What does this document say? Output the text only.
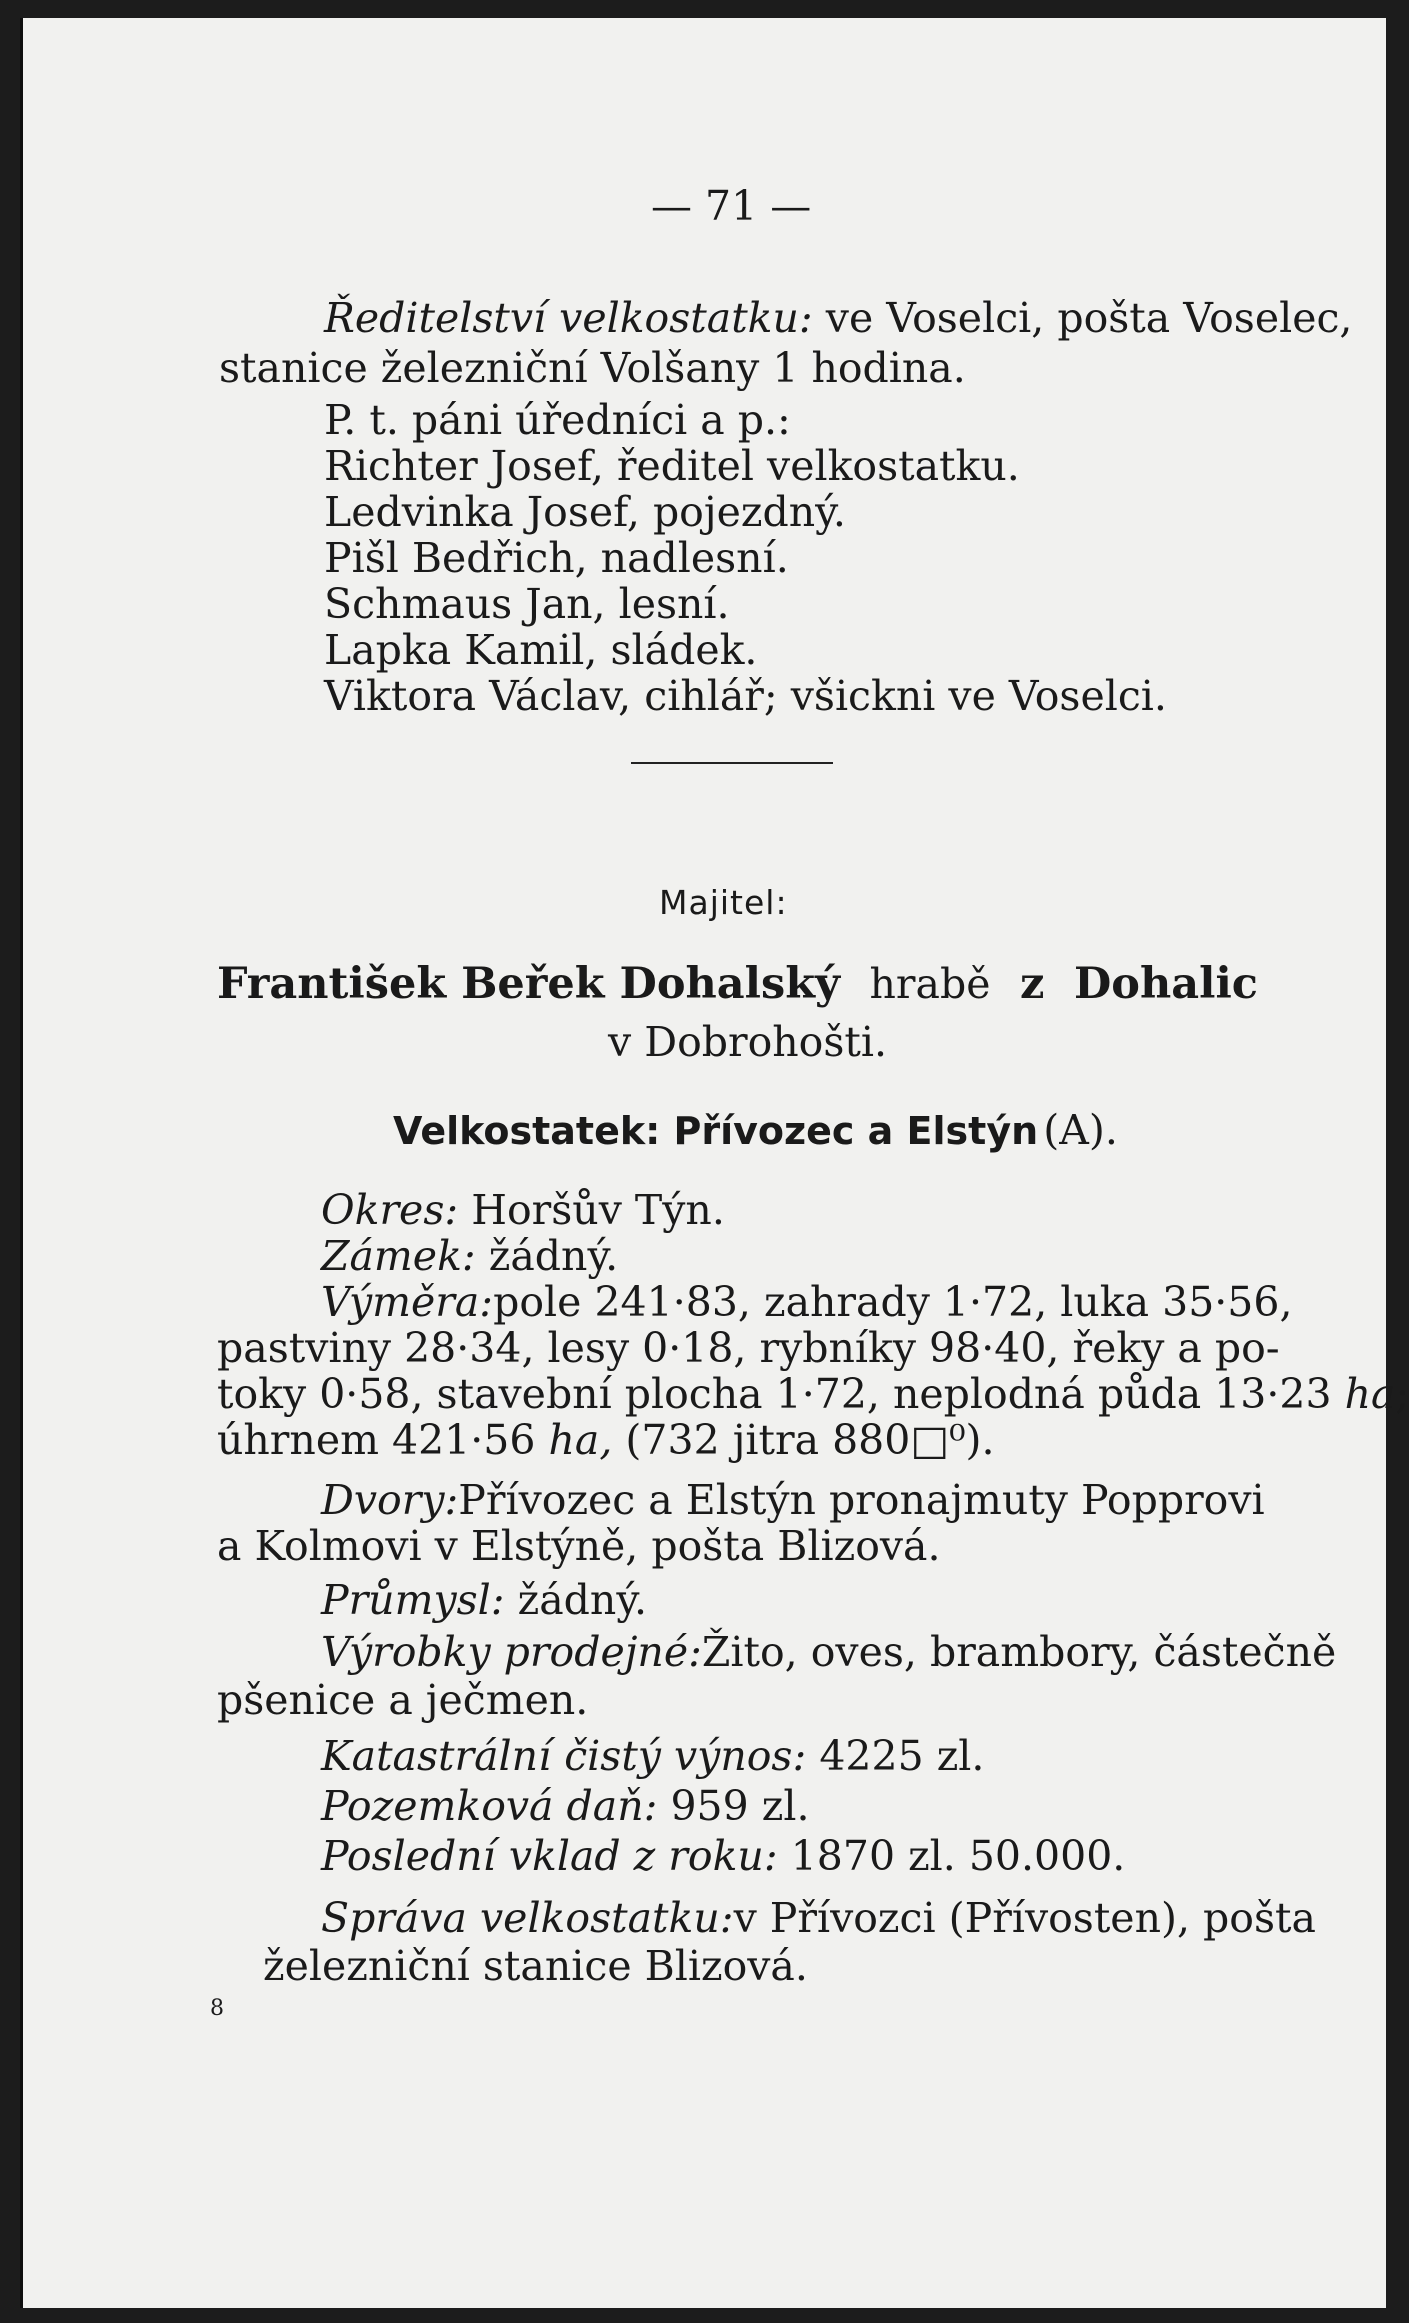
— 71 —
Ředitelství velkostatku: ve Voselci, pošta Voselec,
stanice železniční Volšany 1 hodina.
P. t. páni úředníci a p.:
Richter Josef, ředitel velkostatku.
Ledvinka Josef, pojezdný.
Pišl Bedřich, nadlesní.
Schmaus Jan, lesní.
Lapka Kamil, sládek.
Viktora Václav, cihlář; všickni ve Voselci.
Majitel:
František Beřek Dohalský hrabě z Dohalic
v Dobrohošti.
Velkostatek: Přívozec a Elstýn (A).
Okres: Horšův Týn.
Zámek: žádný.
Výměra: pole 241·83, zahrady 1·72, luka 35·56,
pastviny 28·34, lesy 0·18, rybníky 98·40, řeky a po-
toky 0·58, stavební plocha 1·72, neplodná půda 13·23 ha;
úhrnem 421·56 ha, (732 jitra 880□⁰).
Dvory: Přívozec a Elstýn pronajmuty Popprovi
a Kolmovi v Elstýně, pošta Blizová.
Průmysl: žádný.
Výrobky prodejné: Žito, oves, brambory, částečně
pšenice a ječmen.
Katastrální čistý výnos: 4225 zl.
Pozemková daň: 959 zl.
Poslední vklad z roku: 1870 zl. 50.000.
Správa velkostatku: v Přívozci (Přívosten), pošta
železniční stanice Blizová.
8
